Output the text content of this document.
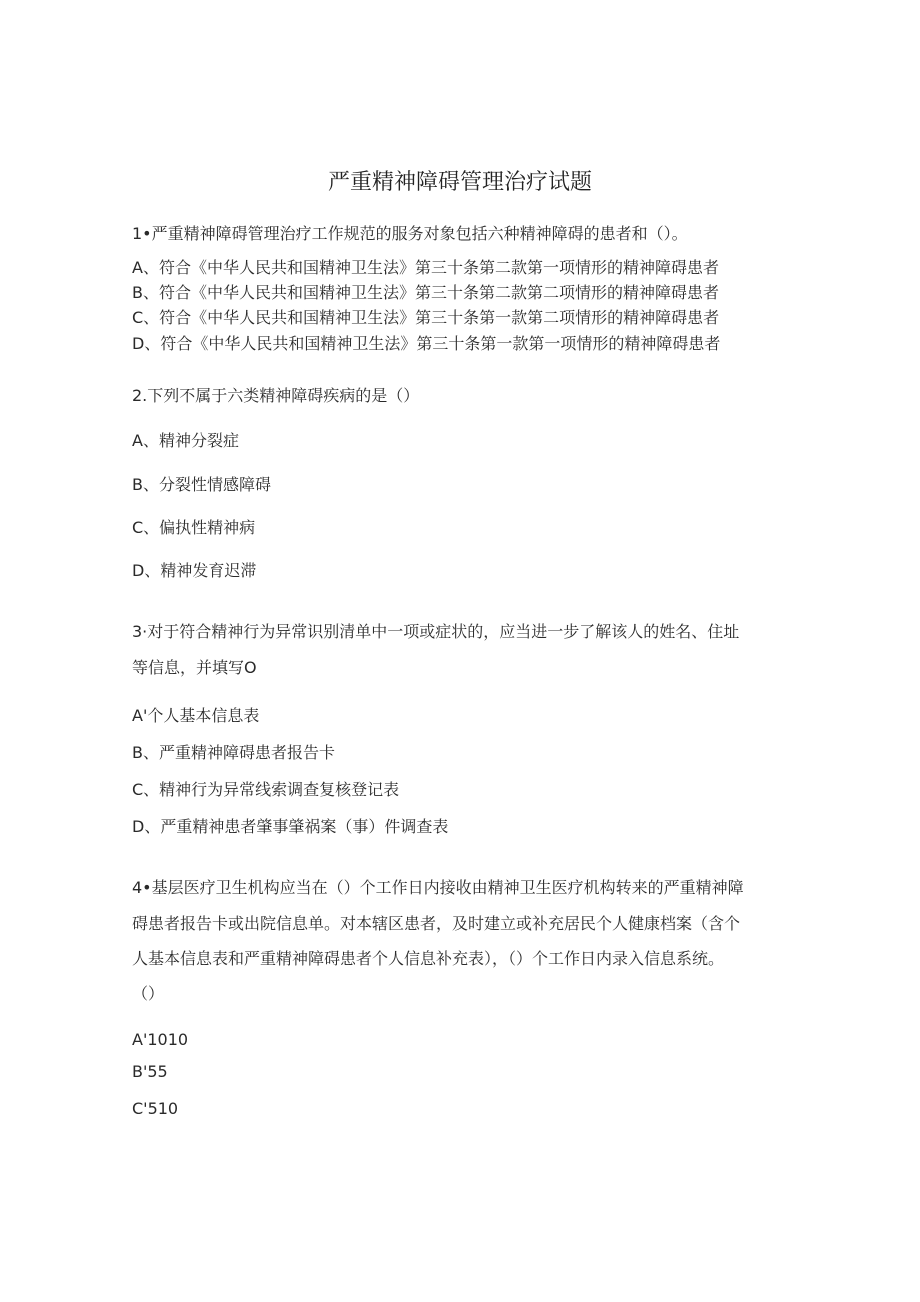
严重精神障碍管理治疗试题
1•严重精神障碍管理治疗工作规范的服务对象包括六种精神障碍的患者和（）。
A、符合《中华人民共和国精神卫生法》第三十条第二款第一项情形的精神障碍患者
B、符合《中华人民共和国精神卫生法》第三十条第二款第二项情形的精神障碍患者
C、符合《中华人民共和国精神卫生法》第三十条第一款第二项情形的精神障碍患者
D、符合《中华人民共和国精神卫生法》第三十条第一款第一项情形的精神障碍患者
2.下列不属于六类精神障碍疾病的是（）
A、精神分裂症
B、分裂性情感障碍
C、偏执性精神病
D、精神发育迟滞
3·对于符合精神行为异常识别清单中一项或症状的，应当进一步了解该人的姓名、住址
等信息，并填写O
A'个人基本信息表
B、严重精神障碍患者报告卡
C、精神行为异常线索调查复核登记表
D、严重精神患者肇事肇祸案（事）件调查表
4•基层医疗卫生机构应当在（）个工作日内接收由精神卫生医疗机构转来的严重精神障
碍患者报告卡或出院信息单。对本辖区患者，及时建立或补充居民个人健康档案（含个
人基本信息表和严重精神障碍患者个人信息补充表），（）个工作日内录入信息系统。
（）
A'1010
B'55
C'510
